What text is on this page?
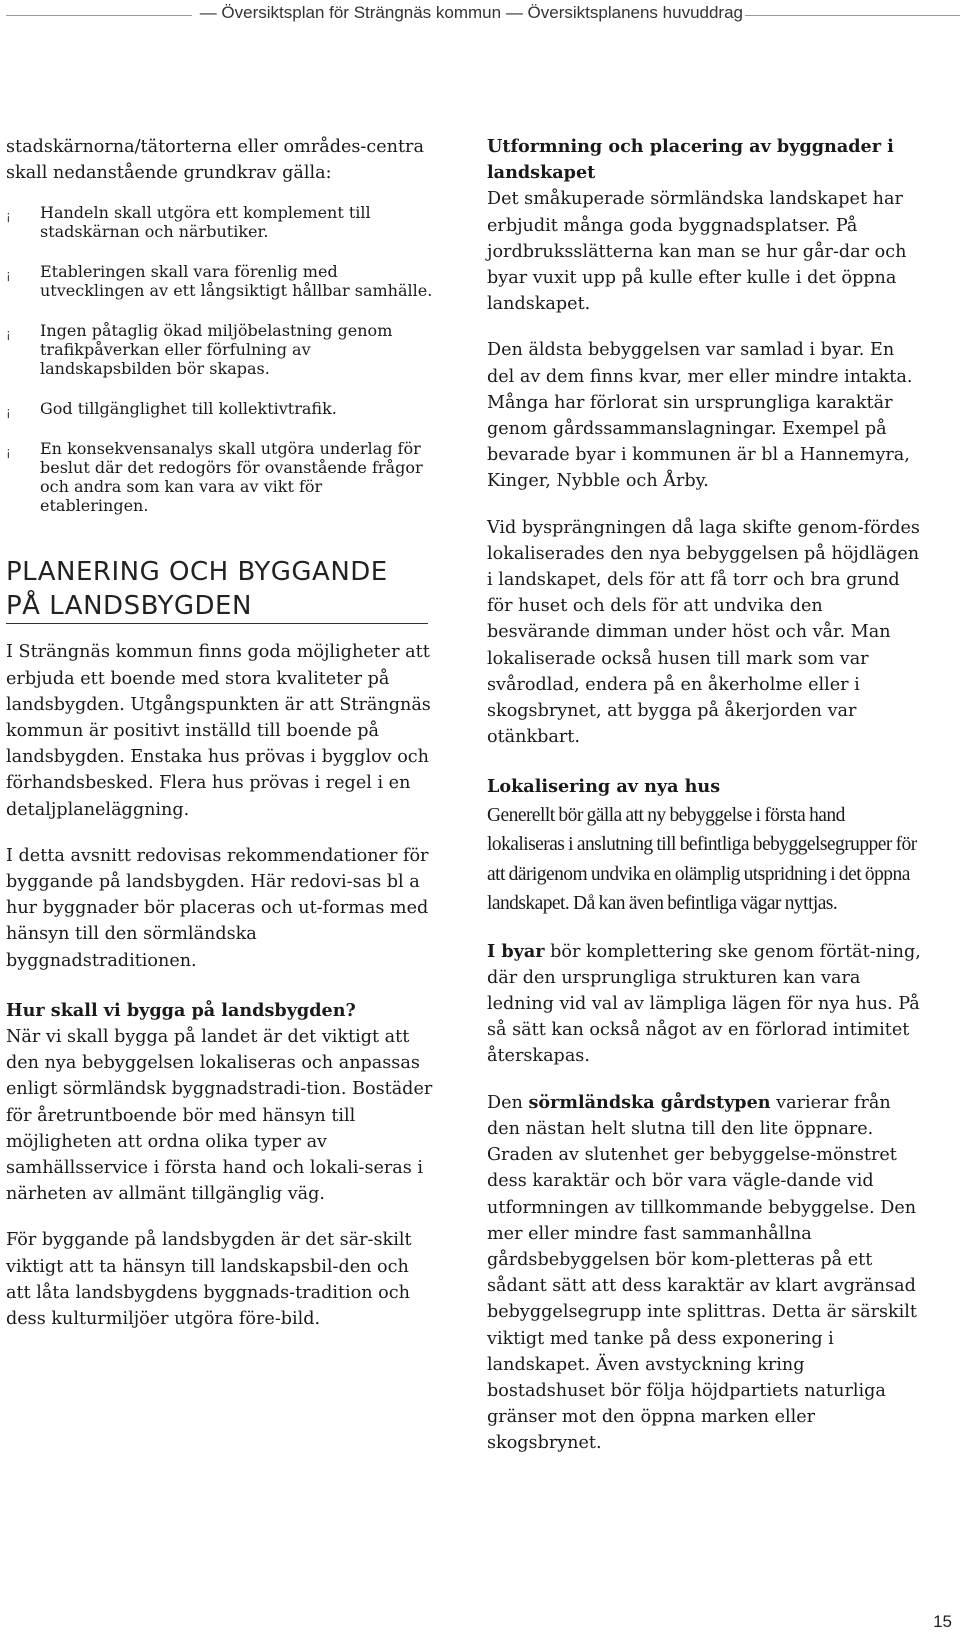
— Översiktsplan för Strängnäs kommun — Översiktsplanens huvuddrag

stadskärnorna/tätorterna eller områdes-centra skall nedanstående grundkrav gälla:

¡	Handeln skall utgöra ett komplement till stadskärnan och närbutiker.
¡	Etableringen skall vara förenlig med utvecklingen av ett långsiktigt hållbar samhälle.
¡	Ingen påtaglig ökad miljöbelastning genom trafikpåverkan eller förfulning av landskapsbilden bör skapas.
¡	God tillgänglighet till kollektivtrafik.
¡	En konsekvensanalys skall utgöra underlag för beslut där det redogörs för ovanstående frågor och andra som kan vara av vikt för etableringen.
PLANERING OCH BYGGANDE
PÅ LANDSBYGDEN

I Strängnäs kommun finns goda möjligheter att erbjuda ett boende med stora kvaliteter på landsbygden. Utgångspunkten är att Strängnäs kommun är positivt inställd till boende på landsbygden. Enstaka hus prövas i bygglov och förhandsbesked. Flera hus prövas i regel i en detaljplaneläggning.

I detta avsnitt redovisas rekommendationer för byggande på landsbygden. Här redovi-sas bl a hur byggnader bör placeras och ut-formas med hänsyn till den sörmländska byggnadstraditionen.

Hur skall vi bygga på landsbygden?

När vi skall bygga på landet är det viktigt att den nya bebyggelsen lokaliseras och anpassas enligt sörmländsk byggnadstradi-tion. Bostäder för åretruntboende bör med hänsyn till möjligheten att ordna olika typer av samhällsservice i första hand och lokali-seras i närheten av allmänt tillgänglig väg.

För byggande på landsbygden är det sär-skilt viktigt att ta hänsyn till landskapsbil-den och att låta landsbygdens byggnads-tradition och dess kulturmiljöer utgöra före-bild.

Utformning och placering av byggnader i landskapet

Det småkuperade sörmländska landskapet har erbjudit många goda byggnadsplatser. På jordbruksslätterna kan man se hur går-dar och byar vuxit upp på kulle efter kulle i det öppna landskapet.

Den äldsta bebyggelsen var samlad i byar. En del av dem finns kvar, mer eller mindre intakta. Många har förlorat sin ursprungliga karaktär genom gårdssammanslagningar. Exempel på bevarade byar i kommunen är bl a Hannemyra, Kinger, Nybble och Årby.

Vid bysprängningen då laga skifte genom-fördes lokaliserades den nya bebyggelsen på höjdlägen i landskapet, dels för att få torr och bra grund för huset och dels för att undvika den besvärande dimman under höst och vår. Man lokaliserade också husen till mark som var svårodlad, endera på en åkerholme eller i skogsbrynet, att bygga på åkerjorden var otänkbart.

Lokalisering av nya hus

Generellt bör gälla att ny bebyggelse i första hand lokaliseras i anslutning till befintliga bebyggelsegrupper för att därigenom undvika en olämplig utspridning i det öppna landskapet. Då kan även befintliga vägar nyttjas.

I byar bör komplettering ske genom förtät-ning, där den ursprungliga strukturen kan vara ledning vid val av lämpliga lägen för nya hus. På så sätt kan också något av en förlorad intimitet återskapas.

Den sörmländska gårdstypen varierar från den nästan helt slutna till den lite öppnare. Graden av slutenhet ger bebyggelse-mönstret dess karaktär och bör vara vägle-dande vid utformningen av tillkommande bebyggelse. Den mer eller mindre fast sammanhållna gårdsbebyggelsen bör kom-pletteras på ett sådant sätt att dess karaktär av klart avgränsad bebyggelsegrupp inte splittras. Detta är särskilt viktigt med tanke på dess exponering i landskapet. Även avstyckning kring bostadshuset bör följa höjdpartiets naturliga gränser mot den öppna marken eller skogsbrynet.

15
